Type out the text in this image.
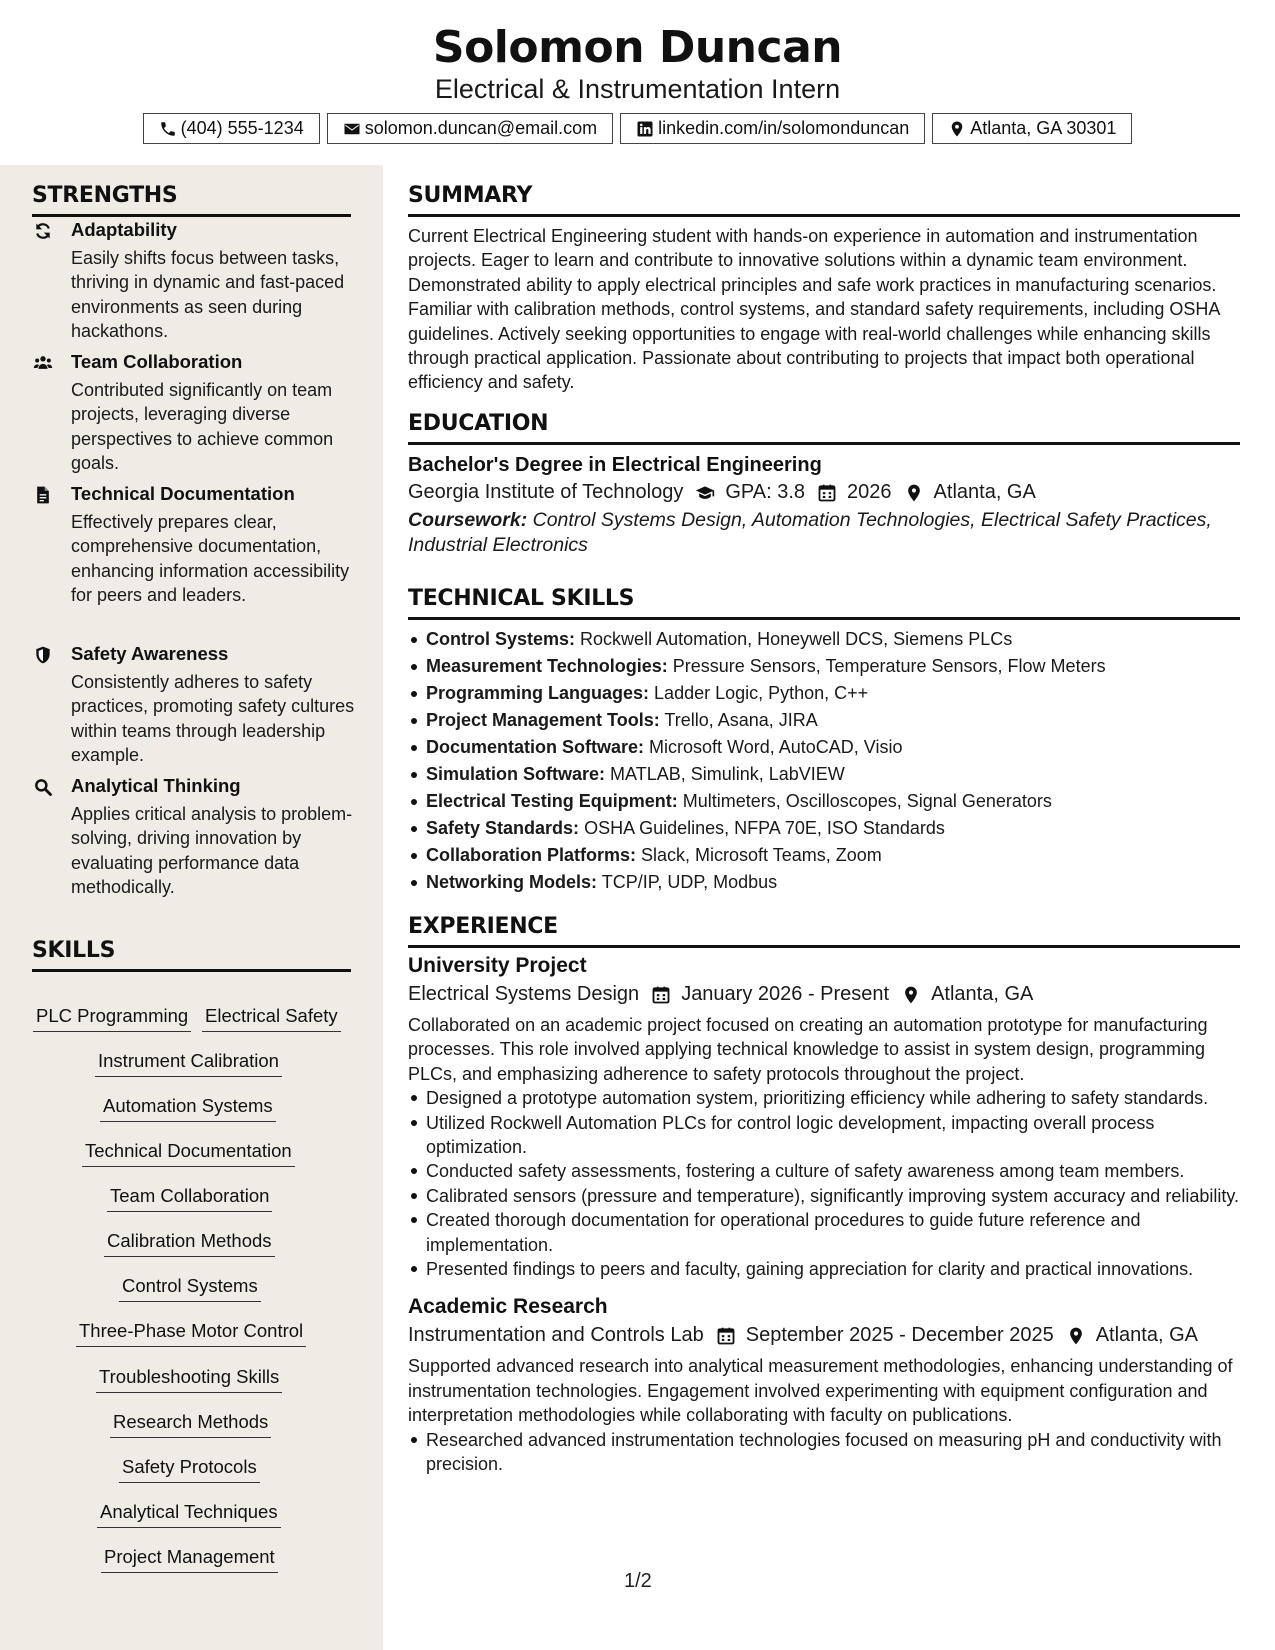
Solomon Duncan
Electrical & Instrumentation Intern
(404) 555-1234	solomon.duncan@email.com	linkedin.com/in/solomonduncan	Atlanta, GA 30301
STRENGTHS
Adaptability
Easily shifts focus between tasks, thriving in dynamic and fast-paced environments as seen during hackathons.
Team Collaboration
Contributed significantly on team projects, leveraging diverse perspectives to achieve common goals.
Technical Documentation
Effectively prepares clear, comprehensive documentation, enhancing information accessibility for peers and leaders.
Safety Awareness
Consistently adheres to safety practices, promoting safety cultures within teams through leadership example.
Analytical Thinking
Applies critical analysis to problem-solving, driving innovation by evaluating performance data methodically.
SKILLS
PLC Programming Electrical Safety
Instrument Calibration
Automation Systems
Technical Documentation
Team Collaboration
Calibration Methods
Control Systems
Three-Phase Motor Control
Troubleshooting Skills
Research Methods
Safety Protocols
Analytical Techniques
Project Management
SUMMARY
Current Electrical Engineering student with hands-on experience in automation and instrumentation projects. Eager to learn and contribute to innovative solutions within a dynamic team environment. Demonstrated ability to apply electrical principles and safe work practices in manufacturing scenarios. Familiar with calibration methods, control systems, and standard safety requirements, including OSHA guidelines. Actively seeking opportunities to engage with real-world challenges while enhancing skills through practical application. Passionate about contributing to projects that impact both operational efficiency and safety.
EDUCATION
Bachelor's Degree in Electrical Engineering
Georgia Institute of Technology GPA: 3.8 2026 Atlanta, GA
Coursework: Control Systems Design, Automation Technologies, Electrical Safety Practices, Industrial Electronics
TECHNICAL SKILLS
Control Systems: Rockwell Automation, Honeywell DCS, Siemens PLCs
Measurement Technologies: Pressure Sensors, Temperature Sensors, Flow Meters
Programming Languages: Ladder Logic, Python, C++
Project Management Tools: Trello, Asana, JIRA
Documentation Software: Microsoft Word, AutoCAD, Visio
Simulation Software: MATLAB, Simulink, LabVIEW
Electrical Testing Equipment: Multimeters, Oscilloscopes, Signal Generators
Safety Standards: OSHA Guidelines, NFPA 70E, ISO Standards
Collaboration Platforms: Slack, Microsoft Teams, Zoom
Networking Models: TCP/IP, UDP, Modbus
EXPERIENCE
University Project
Electrical Systems Design January 2026 - Present Atlanta, GA
Collaborated on an academic project focused on creating an automation prototype for manufacturing processes. This role involved applying technical knowledge to assist in system design, programming PLCs, and emphasizing adherence to safety protocols throughout the project.
Designed a prototype automation system, prioritizing efficiency while adhering to safety standards.
Utilized Rockwell Automation PLCs for control logic development, impacting overall process optimization.
Conducted safety assessments, fostering a culture of safety awareness among team members.
Calibrated sensors (pressure and temperature), significantly improving system accuracy and reliability.
Created thorough documentation for operational procedures to guide future reference and implementation.
Presented findings to peers and faculty, gaining appreciation for clarity and practical innovations.
Academic Research
Instrumentation and Controls Lab September 2025 - December 2025 Atlanta, GA
Supported advanced research into analytical measurement methodologies, enhancing understanding of instrumentation technologies. Engagement involved experimenting with equipment configuration and interpretation methodologies while collaborating with faculty on publications.
Researched advanced instrumentation technologies focused on measuring pH and conductivity with precision.
1/2
